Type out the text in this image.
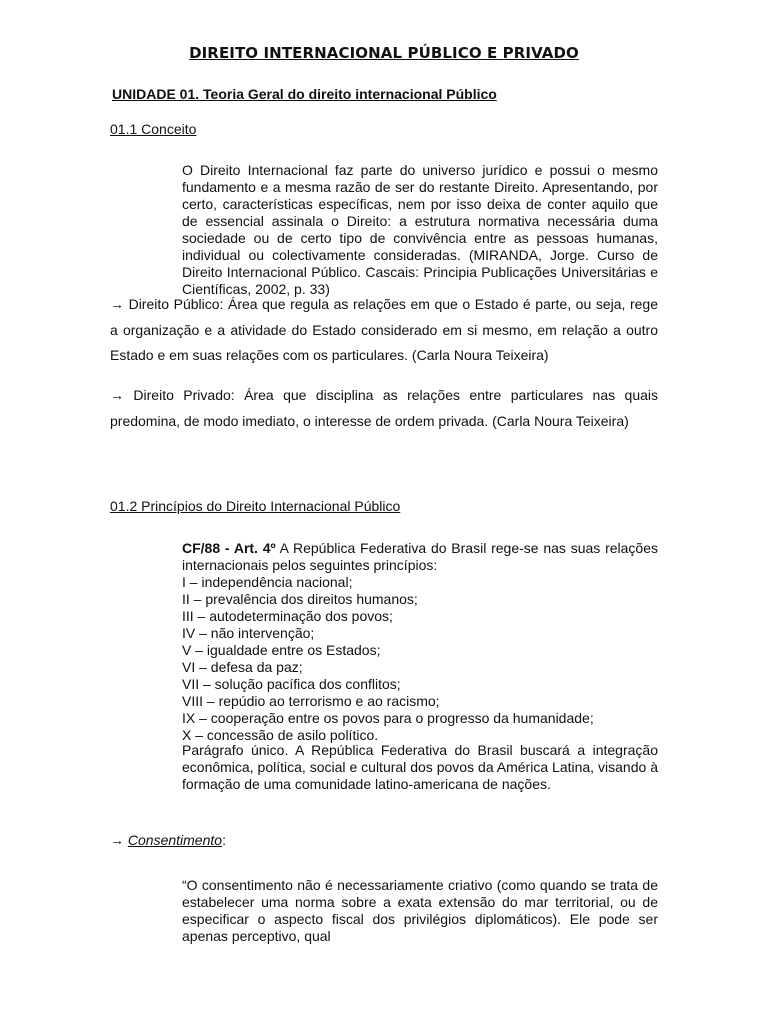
DIREITO INTERNACIONAL PÚBLICO E PRIVADO
UNIDADE 01. Teoria Geral do direito internacional Público
01.1 Conceito
O Direito Internacional faz parte do universo jurídico e possui o mesmo fundamento e a mesma razão de ser do restante Direito. Apresentando, por certo, características específicas, nem por isso deixa de conter aquilo que de essencial assinala o Direito: a estrutura normativa necessária duma sociedade ou de certo tipo de convivência entre as pessoas humanas, individual ou colectivamente consideradas. (MIRANDA, Jorge. Curso de Direito Internacional Público. Cascais: Principia Publicações Universitárias e Científicas, 2002, p. 33)
→ Direito Público: Área que regula as relações em que o Estado é parte, ou seja, rege a organização e a atividade do Estado considerado em si mesmo, em relação a outro Estado e em suas relações com os particulares. (Carla Noura Teixeira)
→ Direito Privado: Área que disciplina as relações entre particulares nas quais predomina, de modo imediato, o interesse de ordem privada. (Carla Noura Teixeira)
01.2 Princípios do Direito Internacional Público
CF/88 - Art. 4º A República Federativa do Brasil rege-se nas suas relações internacionais pelos seguintes princípios:
I – independência nacional;
II – prevalência dos direitos humanos;
III – autodeterminação dos povos;
IV – não intervenção;
V – igualdade entre os Estados;
VI – defesa da paz;
VII – solução pacífica dos conflitos;
VIII – repúdio ao terrorismo e ao racismo;
IX – cooperação entre os povos para o progresso da humanidade;
X – concessão de asilo político.
Parágrafo único. A República Federativa do Brasil buscará a integração econômica, política, social e cultural dos povos da América Latina, visando à formação de uma comunidade latino-americana de nações.
→ Consentimento:
“O consentimento não é necessariamente criativo (como quando se trata de estabelecer uma norma sobre a exata extensão do mar territorial, ou de especificar o aspecto fiscal dos privilégios diplomáticos). Ele pode ser apenas perceptivo, qual
